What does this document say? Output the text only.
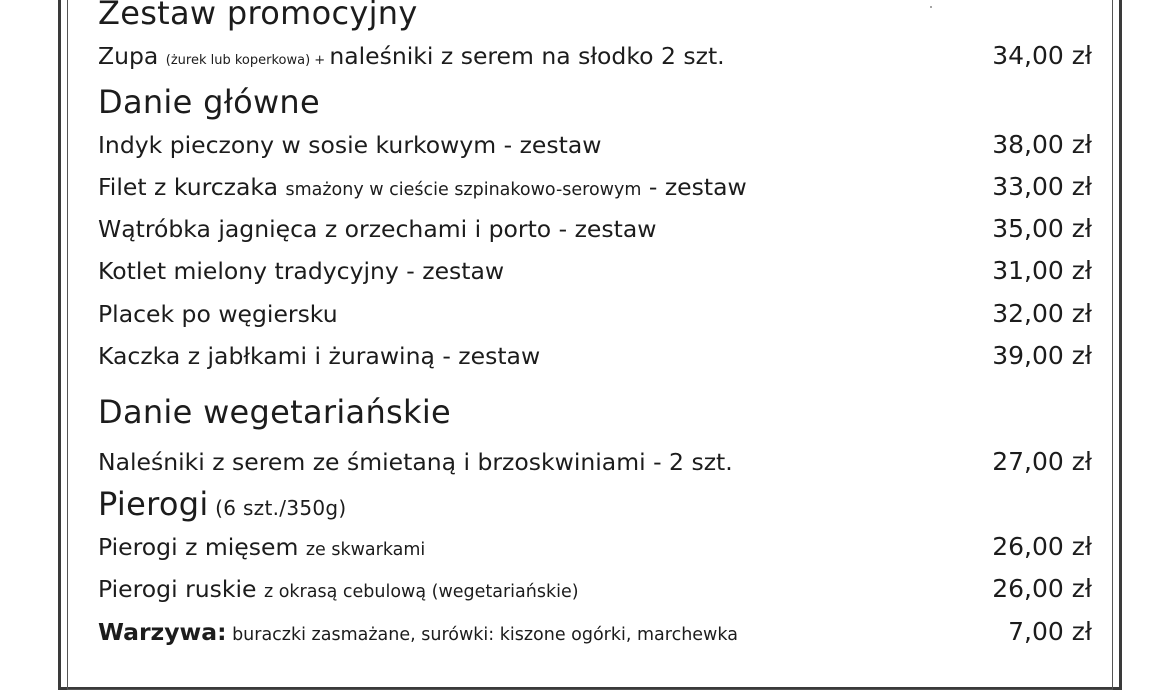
Zestaw promocyjny
Zupa (żurek lub koperkowa) + naleśniki z serem na słodko 2 szt.	34,00 zł
Danie główne
Indyk pieczony w sosie kurkowym - zestaw	38,00 zł
Filet z kurczaka smażony w cieście szpinakowo-serowym - zestaw	33,00 zł
Wątróbka jagnięca z orzechami i porto - zestaw	35,00 zł
Kotlet mielony tradycyjny - zestaw	31,00 zł
Placek po węgiersku	32,00 zł
Kaczka z jabłkami i żurawiną - zestaw	39,00 zł
Danie wegetariańskie
Naleśniki z serem ze śmietaną i brzoskwiniami - 2 szt.	27,00 zł
Pierogi (6 szt./350g)
Pierogi z mięsem ze skwarkami	26,00 zł
Pierogi ruskie z okrasą cebulową (wegetariańskie)	26,00 zł
Warzywa: buraczki zasmażane, surówki: kiszone ogórki, marchewka	7,00 zł
